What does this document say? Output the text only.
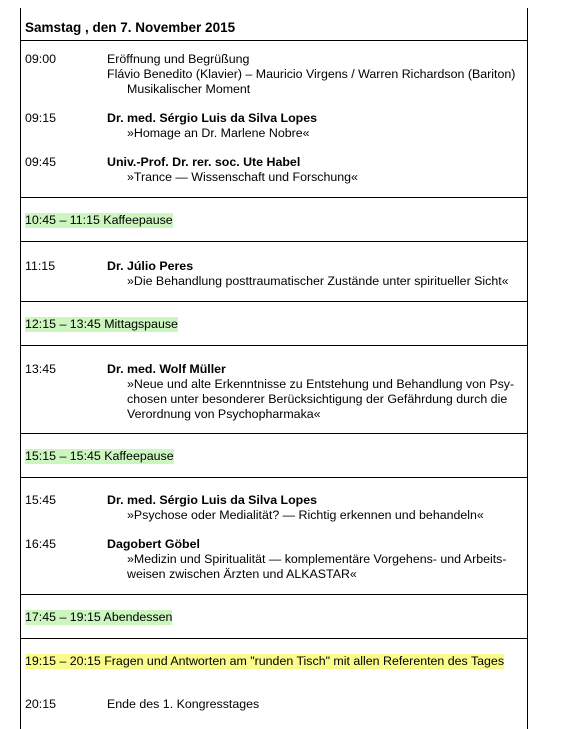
Samstag , den 7. November 2015
09:00	Eröffnung und Begrüßung
Flávio Benedito (Klavier) – Mauricio Virgens / Warren Richardson (Bariton)
Musikalischer Moment
09:15	Dr. med. Sérgio Luis da Silva Lopes
»Homage an Dr. Marlene Nobre«
09:45	Univ.-Prof. Dr. rer. soc. Ute Habel
»Trance — Wissenschaft und Forschung«
10:45 – 11:15 Kaffeepause
11:15	Dr. Júlio Peres
»Die Behandlung posttraumatischer Zustände unter spiritueller Sicht«
12:15 – 13:45 Mittagspause
13:45	Dr. med. Wolf Müller
»Neue und alte Erkenntnisse zu Entstehung und Behandlung von Psy-
chosen unter besonderer Berücksichtigung der Gefährdung durch die
Verordnung von Psychopharmaka«
15:15 – 15:45 Kaffeepause
15:45	Dr. med. Sérgio Luis da Silva Lopes
»Psychose oder Medialität? — Richtig erkennen und behandeln«
16:45	Dagobert Göbel
»Medizin und Spiritualität — komplementäre Vorgehens- und Arbeits-
weisen zwischen Ärzten und ALKASTAR«
17:45 – 19:15 Abendessen
19:15 – 20:15 Fragen und Antworten am "runden Tisch" mit allen Referenten des Tages
20:15	Ende des 1. Kongresstages
